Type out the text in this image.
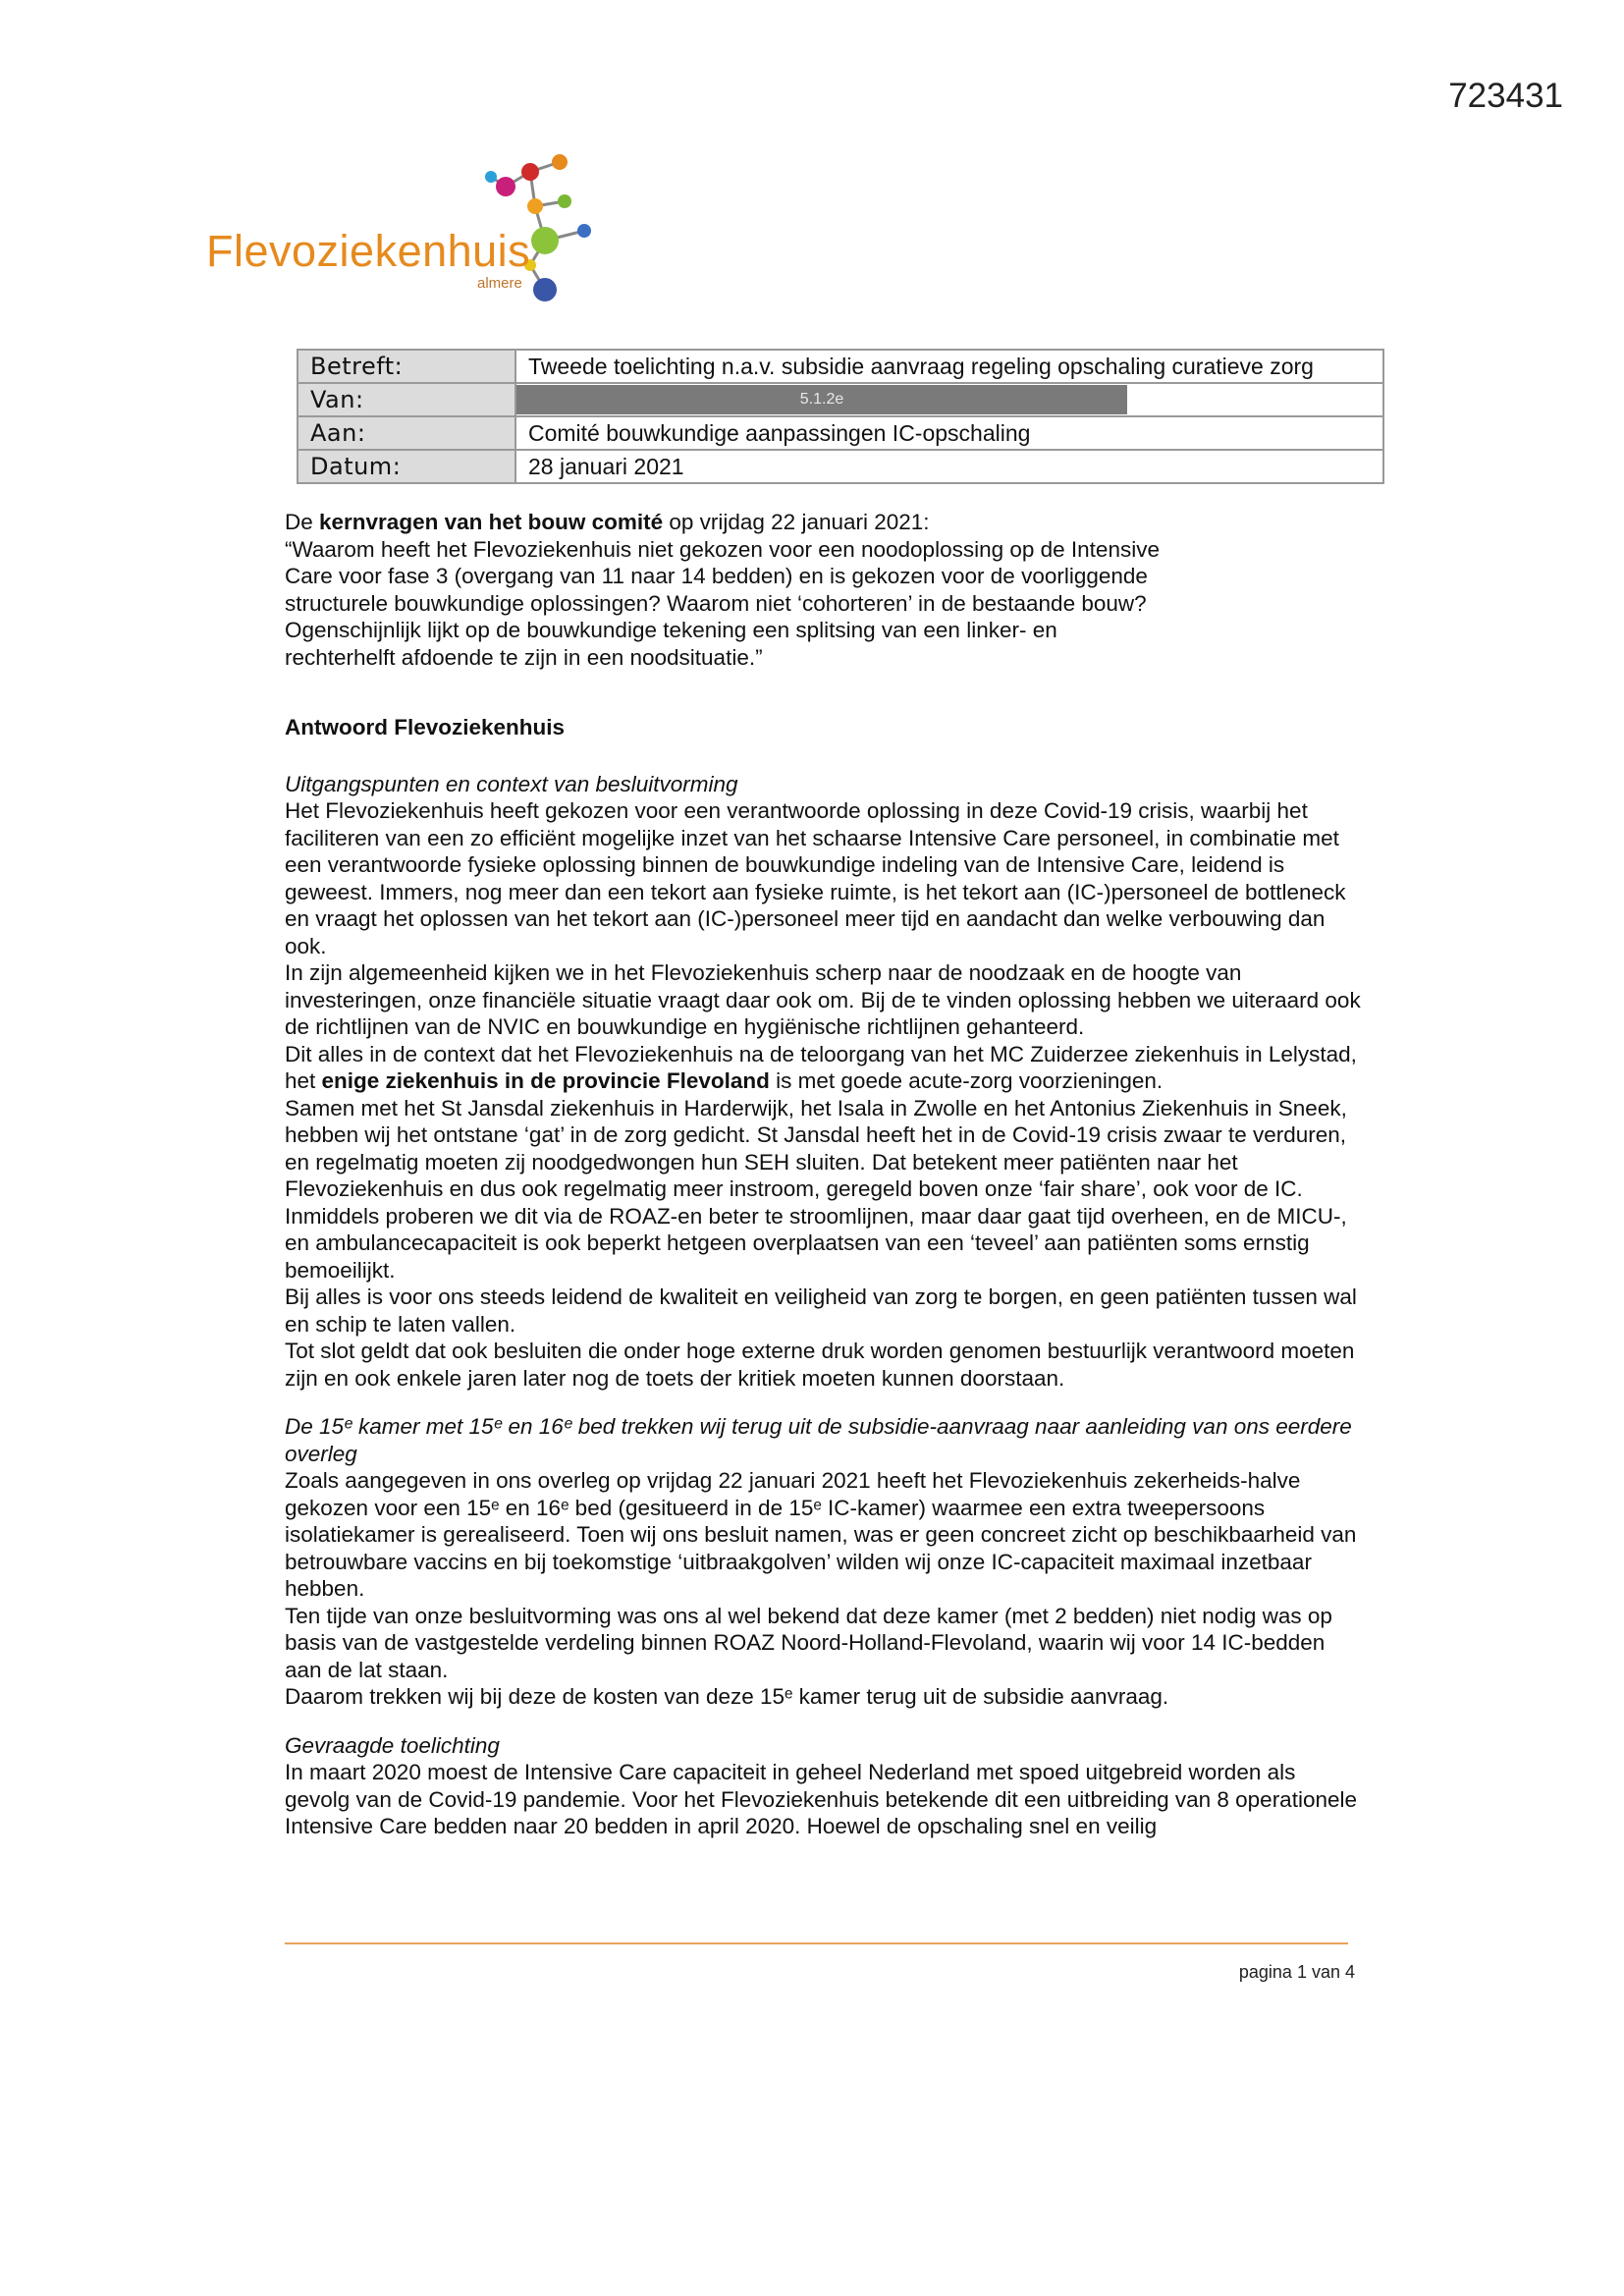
723431
Flevoziekenhuis
almere
Betreft:	Tweede toelichting n.a.v. subsidie aanvraag regeling opschaling curatieve zorg
Van:	5.1.2e
Aan:	Comité bouwkundige aanpassingen IC-opschaling
Datum:	28 januari 2021

De kernvragen van het bouw comité op vrijdag 22 januari 2021:

“Waarom heeft het Flevoziekenhuis niet gekozen voor een noodoplossing op de Intensive Care voor fase 3 (overgang van 11 naar 14 bedden) en is gekozen voor de voorliggende structurele bouwkundige oplossingen? Waarom niet ‘cohorteren’ in de bestaande bouw? Ogenschijnlijk lijkt op de bouwkundige tekening een splitsing van een linker- en rechterhelft afdoende te zijn in een noodsituatie.”

Antwoord Flevoziekenhuis

Uitgangspunten en context van besluitvorming

Het Flevoziekenhuis heeft gekozen voor een verantwoorde oplossing in deze Covid-19 crisis, waarbij het faciliteren van een zo efficiënt mogelijke inzet van het schaarse Intensive Care personeel, in combinatie met een verantwoorde fysieke oplossing binnen de bouwkundige indeling van de Intensive Care, leidend is geweest. Immers, nog meer dan een tekort aan fysieke ruimte, is het tekort aan (IC-)personeel de bottleneck en vraagt het oplossen van het tekort aan (IC-)personeel meer tijd en aandacht dan welke verbouwing dan ook.

In zijn algemeenheid kijken we in het Flevoziekenhuis scherp naar de noodzaak en de hoogte van investeringen, onze financiële situatie vraagt daar ook om. Bij de te vinden oplossing hebben we uiteraard ook de richtlijnen van de NVIC en bouwkundige en hygiënische richtlijnen gehanteerd.

Dit alles in de context dat het Flevoziekenhuis na de teloorgang van het MC Zuiderzee ziekenhuis in Lelystad, het enige ziekenhuis in de provincie Flevoland is met goede acute-zorg voorzieningen.

Samen met het St Jansdal ziekenhuis in Harderwijk, het Isala in Zwolle en het Antonius Ziekenhuis in Sneek, hebben wij het ontstane ‘gat’ in de zorg gedicht. St Jansdal heeft het in de Covid-19 crisis zwaar te verduren, en regelmatig moeten zij noodgedwongen hun SEH sluiten. Dat betekent meer patiënten naar het Flevoziekenhuis en dus ook regelmatig meer instroom, geregeld boven onze ‘fair share’, ook voor de IC. Inmiddels proberen we dit via de ROAZ-en beter te stroomlijnen, maar daar gaat tijd overheen, en de MICU-, en ambulancecapaciteit is ook beperkt hetgeen overplaatsen van een ‘teveel’ aan patiënten soms ernstig bemoeilijkt.

Bij alles is voor ons steeds leidend de kwaliteit en veiligheid van zorg te borgen, en geen patiënten tussen wal en schip te laten vallen.

Tot slot geldt dat ook besluiten die onder hoge externe druk worden genomen bestuurlijk verantwoord moeten zijn en ook enkele jaren later nog de toets der kritiek moeten kunnen doorstaan.

De 15ᵉ kamer met 15ᵉ en 16ᵉ bed trekken wij terug uit de subsidie-aanvraag naar aanleiding van ons eerdere overleg

Zoals aangegeven in ons overleg op vrijdag 22 januari 2021 heeft het Flevoziekenhuis zekerheids-halve gekozen voor een 15ᵉ en 16ᵉ bed (gesitueerd in de 15ᵉ IC-kamer) waarmee een extra tweepersoons isolatiekamer is gerealiseerd. Toen wij ons besluit namen, was er geen concreet zicht op beschikbaarheid van betrouwbare vaccins en bij toekomstige ‘uitbraakgolven’ wilden wij onze IC-capaciteit maximaal inzetbaar hebben.

Ten tijde van onze besluitvorming was ons al wel bekend dat deze kamer (met 2 bedden) niet nodig was op basis van de vastgestelde verdeling binnen ROAZ Noord-Holland-Flevoland, waarin wij voor 14 IC-bedden aan de lat staan.

Daarom trekken wij bij deze de kosten van deze 15ᵉ kamer terug uit de subsidie aanvraag.

Gevraagde toelichting

In maart 2020 moest de Intensive Care capaciteit in geheel Nederland met spoed uitgebreid worden als gevolg van de Covid-19 pandemie. Voor het Flevoziekenhuis betekende dit een uitbreiding van 8 operationele Intensive Care bedden naar 20 bedden in april 2020. Hoewel de opschaling snel en veilig

pagina 1 van 4
